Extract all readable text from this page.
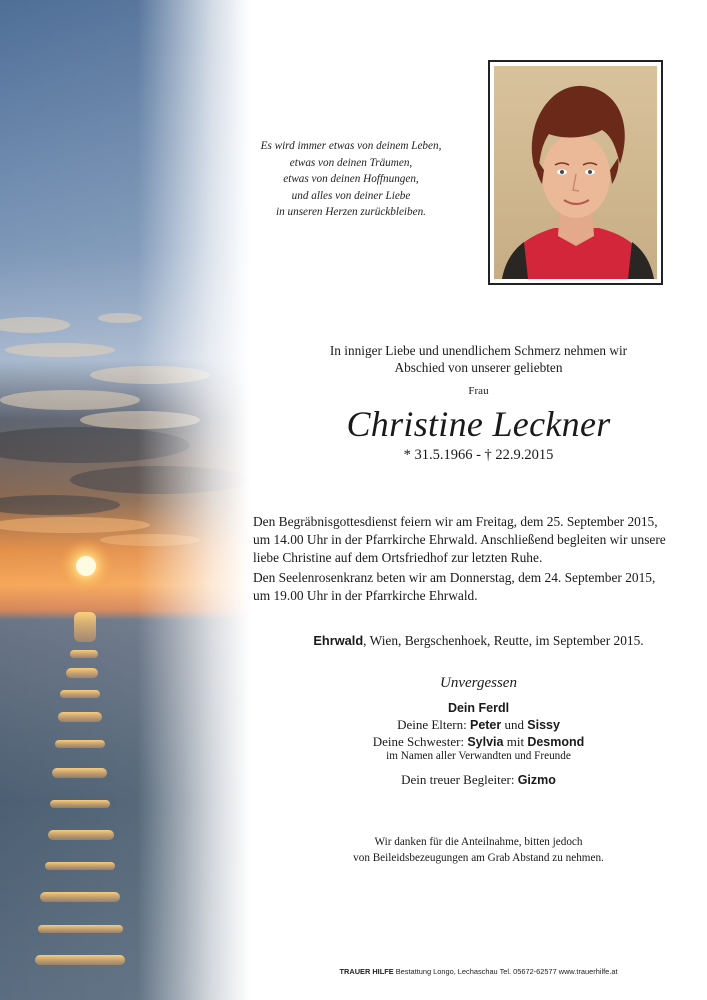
Es wird immer etwas von deinem Leben,
etwas von deinen Träumen,
etwas von deinen Hoffnungen,
und alles von deiner Liebe
in unseren Herzen zurückbleiben.
In inniger Liebe und unendlichem Schmerz nehmen wir
Abschied von unserer geliebten
Frau
Christine Leckner
* 31.5.1966 - † 22.9.2015
Den Begräbnisgottesdienst feiern wir am Freitag, dem 25. September 2015,
um 14.00 Uhr in der Pfarrkirche Ehrwald. Anschließend begleiten wir unsere
liebe Christine auf dem Ortsfriedhof zur letzten Ruhe.
Den Seelenrosenkranz beten wir am Donnerstag, dem 24. September 2015,
um 19.00 Uhr in der Pfarrkirche Ehrwald.
Ehrwald, Wien, Bergschenhoek, Reutte, im September 2015.
Unvergessen
Dein Ferdl
Deine Eltern: Peter und Sissy
Deine Schwester: Sylvia mit Desmond
im Namen aller Verwandten und Freunde
Dein treuer Begleiter: Gizmo
Wir danken für die Anteilnahme, bitten jedoch
von Beileidsbezeugungen am Grab Abstand zu nehmen.
TRAUER HILFE Bestattung Longo, Lechaschau Tel. 05672-62577 www.trauerhilfe.at
